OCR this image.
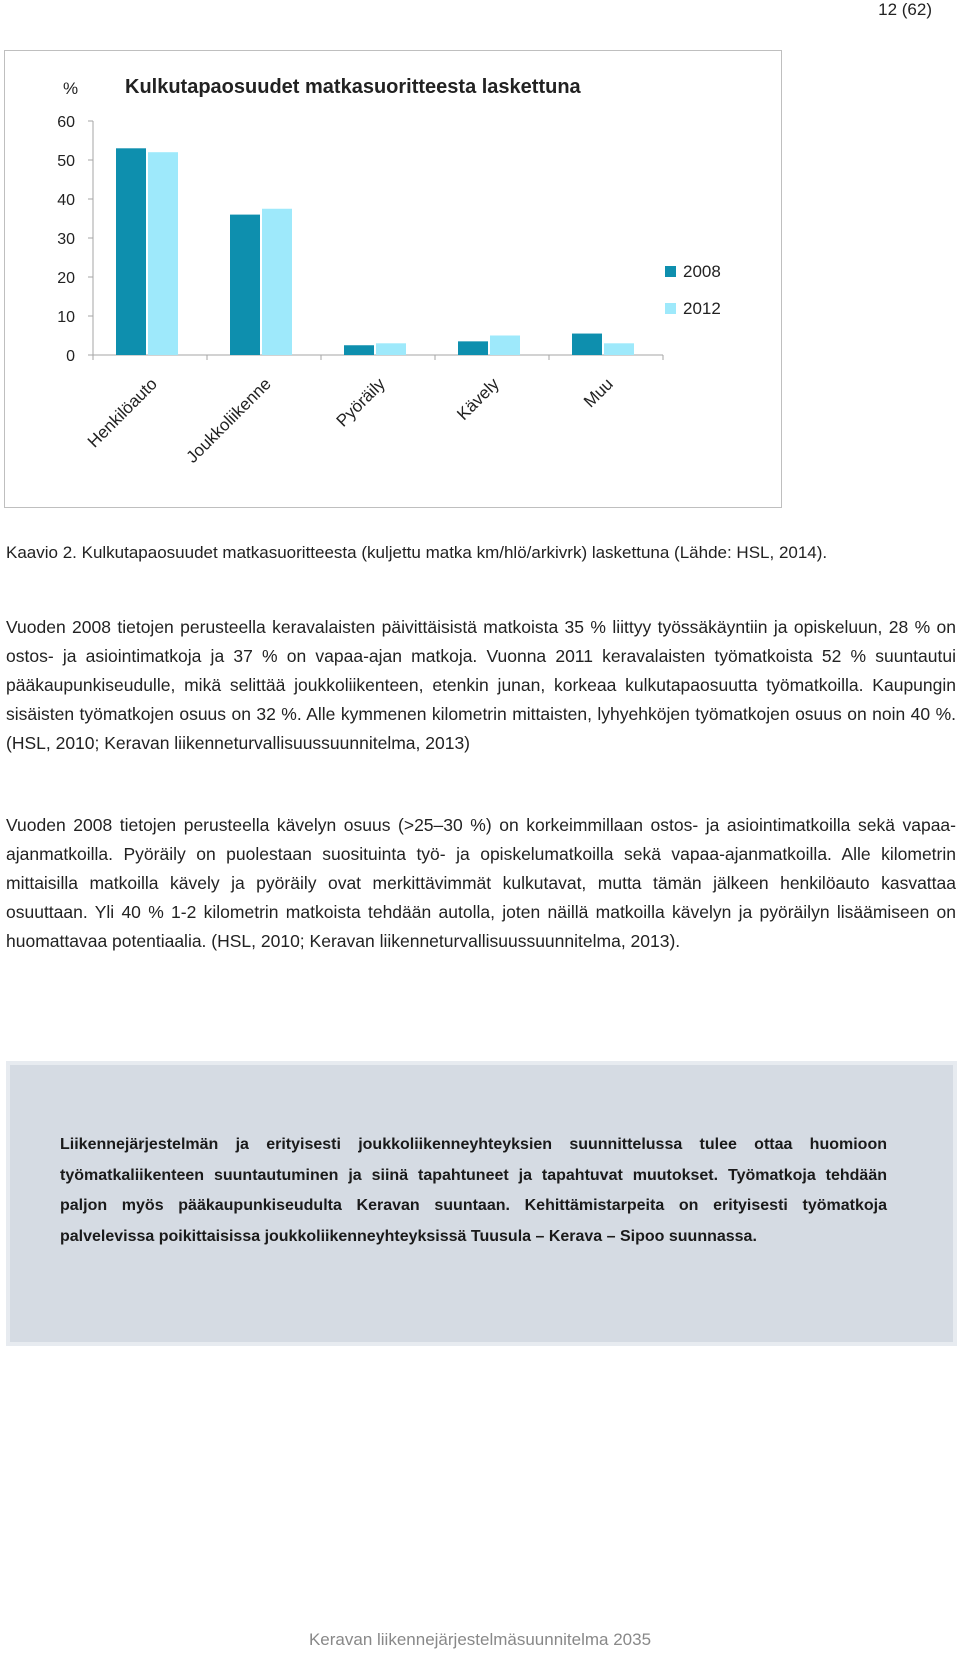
12 (62)
Kulkutapaosuudet matkasuoritteesta laskettuna
%
0
10
20
30
40
50
60
Henkilöauto Joukkoliikenne	Pyöräily	Kävely	Muu
2008
2012
Kaavio 2. Kulkutapaosuudet matkasuoritteesta (kuljettu matka km/hlö/arkivrk) laskettuna (Lähde: HSL, 2014).
Vuoden 2008 tietojen perusteella keravalaisten päivittäisistä matkoista 35 % liittyy työssäkäyntiin ja opiskeluun, 28 % on ostos- ja asiointimatkoja ja 37 % on vapaa-ajan matkoja. Vuonna 2011 keravalaisten työmatkoista 52 % suuntautui pääkaupunkiseudulle, mikä selittää joukkoliikenteen, etenkin junan, korkeaa kulkutapaosuutta työmatkoilla. Kaupungin sisäisten työmatkojen osuus on 32 %. Alle kymmenen kilometrin mittaisten, lyhyehköjen työmatkojen osuus on noin 40 %. (HSL, 2010; Keravan liikenneturvallisuussuunnitelma, 2013)
Vuoden 2008 tietojen perusteella kävelyn osuus (>25–30 %) on korkeimmillaan ostos- ja asiointimatkoilla sekä vapaa-ajanmatkoilla. Pyöräily on puolestaan suosituinta työ- ja opiskelumatkoilla sekä vapaa-ajanmatkoilla. Alle kilometrin mittaisilla matkoilla kävely ja pyöräily ovat merkittävimmät kulkutavat, mutta tämän jälkeen henkilöauto kasvattaa osuuttaan. Yli 40 % 1-2 kilometrin matkoista tehdään autolla, joten näillä matkoilla kävelyn ja pyöräilyn lisäämiseen on huomattavaa potentiaalia. (HSL, 2010; Keravan liikenneturvallisuussuunnitelma, 2013).
Liikennejärjestelmän ja erityisesti joukkoliikenneyhteyksien suunnittelussa tulee ottaa huomioon työmatkaliikenteen suuntautuminen ja siinä tapahtuneet ja tapahtuvat muutokset. Työmatkoja tehdään paljon myös pääkaupunkiseudulta Keravan suuntaan. Kehittämistarpeita on erityisesti työmatkoja palvelevissa poikittaisissa joukkoliikenneyhteyksissä Tuusula – Kerava – Sipoo suunnassa.
Keravan liikennejärjestelmäsuunnitelma 2035
